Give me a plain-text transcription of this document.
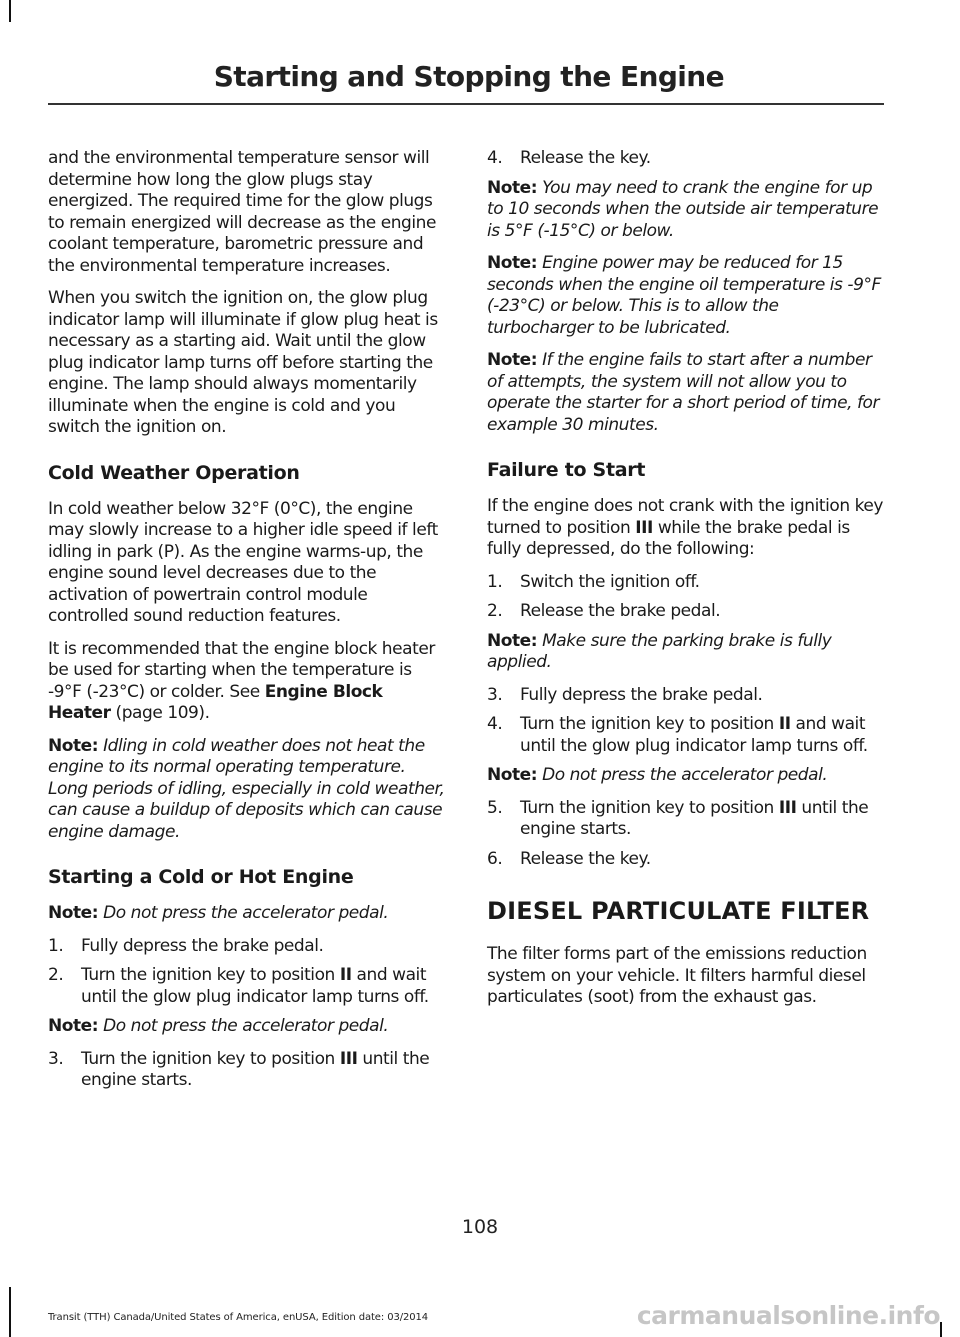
Starting and Stopping the Engine

and the environmental temperature sensor will determine how long the glow plugs stay energized. The required time for the glow plugs to remain energized will decrease as the engine coolant temperature, barometric pressure and the environmental temperature increases.

When you switch the ignition on, the glow plug indicator lamp will illuminate if glow plug heat is necessary as a starting aid. Wait until the glow plug indicator lamp turns off before starting the engine. The lamp should always momentarily illuminate when the engine is cold and you switch the ignition on.

Cold Weather Operation

In cold weather below 32°F (0°C), the engine may slowly increase to a higher idle speed if left idling in park (P). As the engine warms-up, the engine sound level decreases due to the activation of powertrain control module controlled sound reduction features.

It is recommended that the engine block heater be used for starting when the temperature is -9°F (-23°C) or colder. See Engine Block Heater (page 109).

Note: Idling in cold weather does not heat the engine to its normal operating temperature. Long periods of idling, especially in cold weather, can cause a buildup of deposits which can cause engine damage.

Starting a Cold or Hot Engine

Note: Do not press the accelerator pedal.

1. Fully depress the brake pedal.
2. Turn the ignition key to position II and wait until the glow plug indicator lamp turns off.

Note: Do not press the accelerator pedal.

3. Turn the ignition key to position III until the engine starts.
4. Release the key.

Note: You may need to crank the engine for up to 10 seconds when the outside air temperature is 5°F (-15°C) or below.

Note: Engine power may be reduced for 15 seconds when the engine oil temperature is -9°F (-23°C) or below. This is to allow the turbocharger to be lubricated.

Note: If the engine fails to start after a number of attempts, the system will not allow you to operate the starter for a short period of time, for example 30 minutes.

Failure to Start

If the engine does not crank with the ignition key turned to position III while the brake pedal is fully depressed, do the following:

1. Switch the ignition off.
2. Release the brake pedal.

Note: Make sure the parking brake is fully applied.

3. Fully depress the brake pedal.
4. Turn the ignition key to position II and wait until the glow plug indicator lamp turns off.

Note: Do not press the accelerator pedal.

5. Turn the ignition key to position III until the engine starts.
6. Release the key.
DIESEL PARTICULATE FILTER

The filter forms part of the emissions reduction system on your vehicle. It filters harmful diesel particulates (soot) from the exhaust gas.

108
Transit (TTH) Canada/United States of America, enUSA, Edition date: 03/2014	carmanualsonline.info
